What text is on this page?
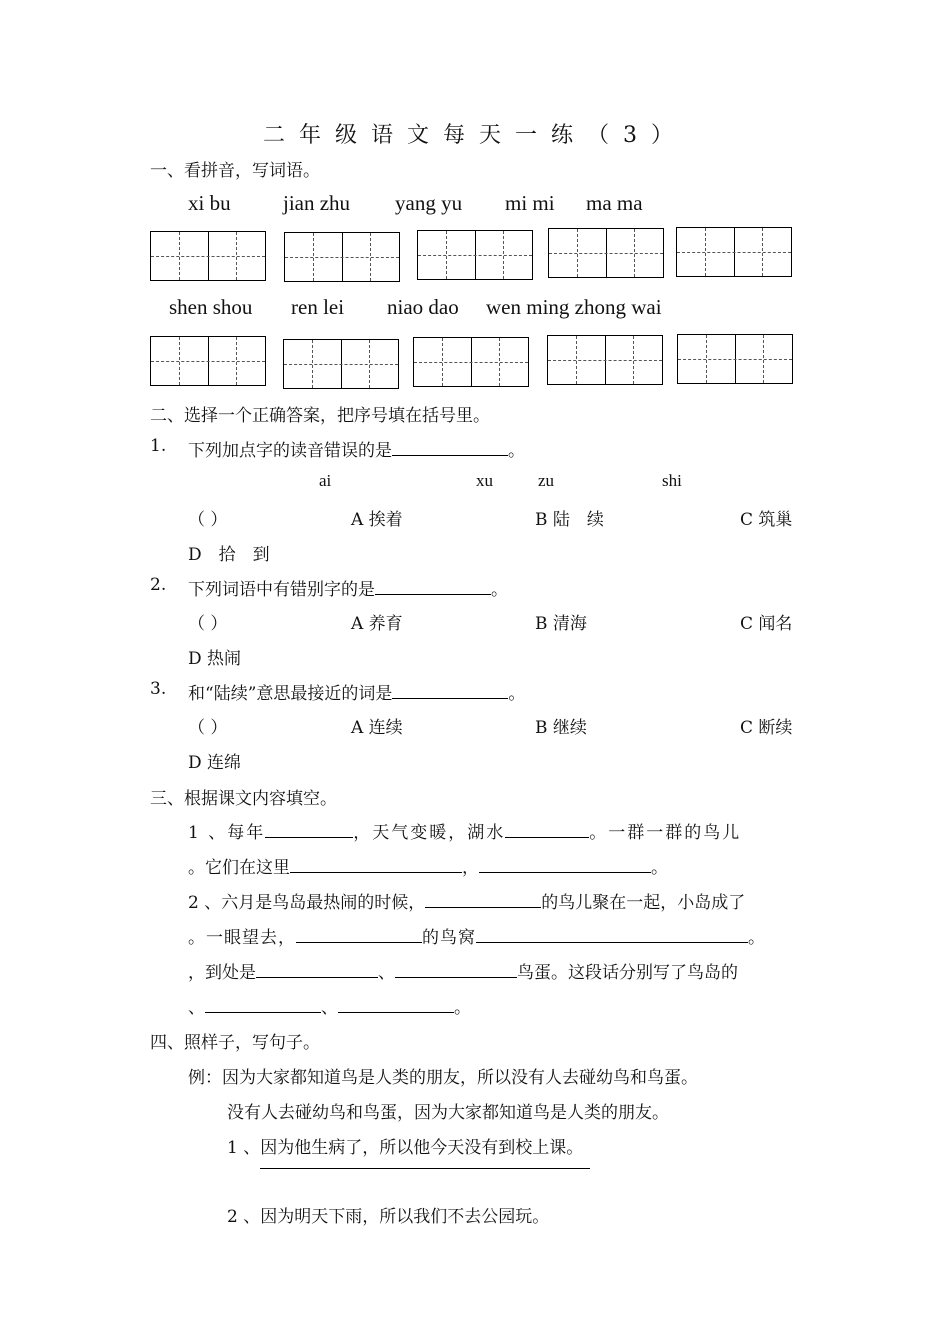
二年级语文每天一练（3）
一、看拼音，写词语。
xi bu jian zhu yang yu mi mi ma ma
shen shou ren lei niao dao wen ming zhong wai
二、选择一个正确答案，把序号填在括号里。
1. 下列加点字的读音错误的是	。
ai	xu	zu	shi
（ ）	A 挨着	B 陆　续	C 筑巢
D　拾　到
2. 下列词语中有错别字的是	。
（ ）	A 养育	B 清海	C 闻名
D 热闹
3. 和“陆续”意思最接近的词是	。
（ ）	A 连续	B 继续	C 断续
D 连绵
三、根据课文内容填空。
1 、每年	，天气变暖，湖水	。一群一群的鸟儿
。它们在这里	，	。
2 、六月是鸟岛最热闹的时候，	的鸟儿聚在一起，小岛成了
。一眼望去，	的鸟窝	。
，到处是	、	鸟蛋。这段话分别写了鸟岛的
、	、	。
四、照样子，写句子。
例：因为大家都知道鸟是人类的朋友，所以没有人去碰幼鸟和鸟蛋。
没有人去碰幼鸟和鸟蛋，因为大家都知道鸟是人类的朋友。
1 、因为他生病了，所以他今天没有到校上课。
2 、因为明天下雨，所以我们不去公园玩。
